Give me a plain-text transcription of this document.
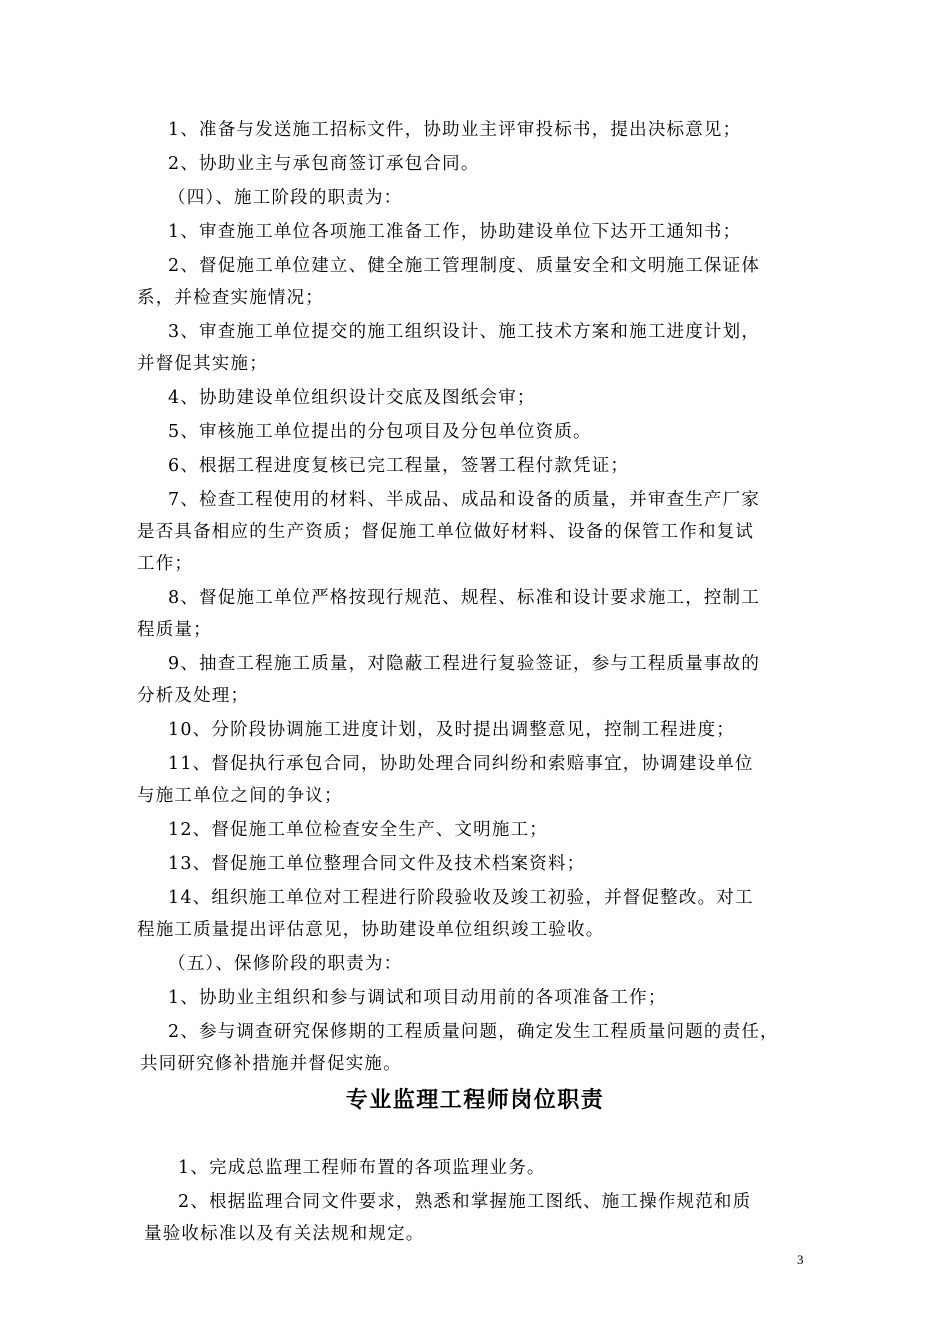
1、准备与发送施工招标文件，协助业主评审投标书，提出决标意见；
2、协助业主与承包商签订承包合同。
（四）、施工阶段的职责为：
1、审查施工单位各项施工准备工作，协助建设单位下达开工通知书；
2、督促施工单位建立、健全施工管理制度、质量安全和文明施工保证体
系，并检查实施情况；
3、审查施工单位提交的施工组织设计、施工技术方案和施工进度计划，
并督促其实施；
4、协助建设单位组织设计交底及图纸会审；
5、审核施工单位提出的分包项目及分包单位资质。
6、根据工程进度复核已完工程量，签署工程付款凭证；
7、检查工程使用的材料、半成品、成品和设备的质量，并审查生产厂家
是否具备相应的生产资质；督促施工单位做好材料、设备的保管工作和复试
工作；
8、督促施工单位严格按现行规范、规程、标准和设计要求施工，控制工
程质量；
9、抽查工程施工质量，对隐蔽工程进行复验签证，参与工程质量事故的
分析及处理；
10、分阶段协调施工进度计划，及时提出调整意见，控制工程进度；
11、督促执行承包合同，协助处理合同纠纷和索赔事宜，协调建设单位
与施工单位之间的争议；
12、督促施工单位检查安全生产、文明施工；
13、督促施工单位整理合同文件及技术档案资料；
14、组织施工单位对工程进行阶段验收及竣工初验，并督促整改。对工
程施工质量提出评估意见，协助建设单位组织竣工验收。
（五）、保修阶段的职责为：
1、协助业主组织和参与调试和项目动用前的各项准备工作；
2、参与调查研究保修期的工程质量问题，确定发生工程质量问题的责任，
共同研究修补措施并督促实施。
专业监理工程师岗位职责
1、完成总监理工程师布置的各项监理业务。
2、根据监理合同文件要求，熟悉和掌握施工图纸、施工操作规范和质
量验收标准以及有关法规和规定。
3
